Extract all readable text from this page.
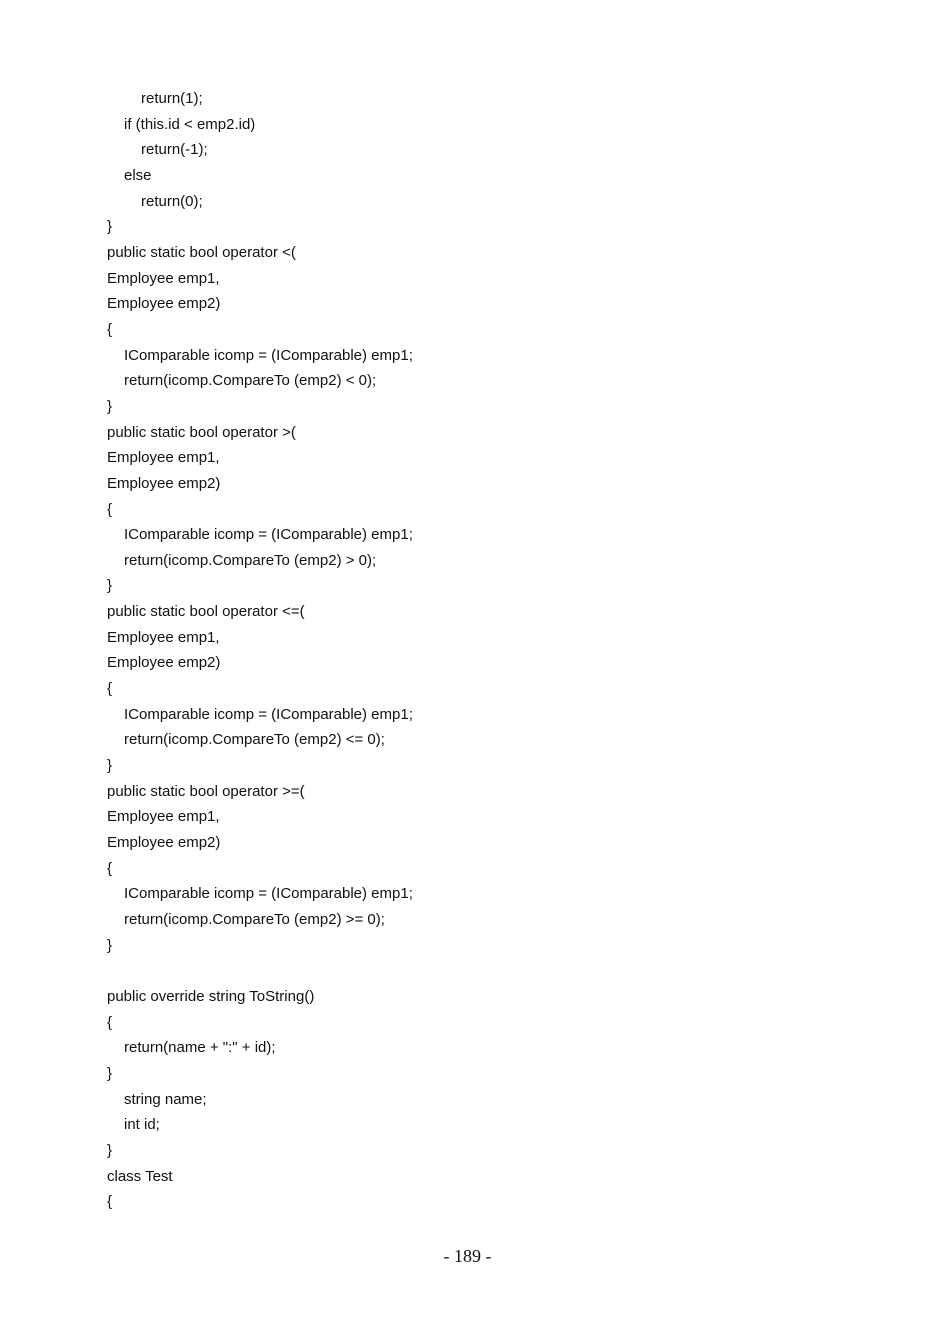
return(1);
if (this.id < emp2.id)
return(-1);
else
return(0);
}
public static bool operator <(
Employee emp1,
Employee emp2)
{
IComparable icomp = (IComparable) emp1;
return(icomp.CompareTo (emp2) < 0);
}
public static bool operator >(
Employee emp1,
Employee emp2)
{
IComparable icomp = (IComparable) emp1;
return(icomp.CompareTo (emp2) > 0);
}
public static bool operator <=(
Employee emp1,
Employee emp2)
{
IComparable icomp = (IComparable) emp1;
return(icomp.CompareTo (emp2) <= 0);
}
public static bool operator >=(
Employee emp1,
Employee emp2)
{
IComparable icomp = (IComparable) emp1;
return(icomp.CompareTo (emp2) >= 0);
}
public override string ToString()
{
return(name + ":" + id);
}
string name;
int id;
}
class Test
{
- 189 -
